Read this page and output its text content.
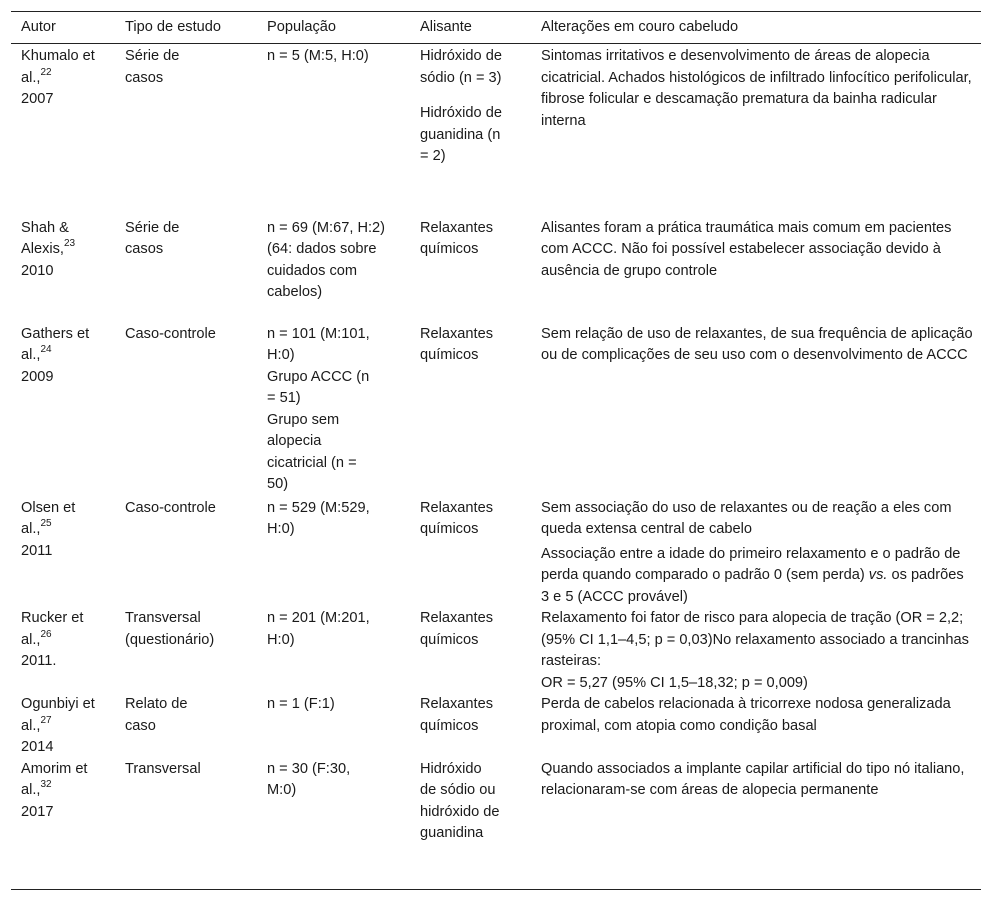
Autor	Tipo de estudo	População	Alisante	Alterações em couro cabeludo
Khumalo et al.,$^{22}$
2007	Série de casos	n = 5 (M:5, H:0)	Hidróxido de sódio (n = 3)
Hidróxido de guanidina (n = 2)	Sintomas irritativos e desenvolvimento de áreas de alopecia cicatricial. Achados histológicos de infiltrado linfocítico perifolicular, fibrose folicular e descamação prematura da bainha radicular interna

Shah & Alexis,$^{23}$
2010	Série de casos	n = 69 (M:67, H:2) (64: dados sobre cuidados com cabelos)	Relaxantes químicos	Alisantes foram a prática traumática mais comum em pacientes com ACCC. Não foi possível estabelecer associação devido à ausência de grupo controle

Gathers et al.,$^{24}$
2009	Caso-controle	n = 101 (M:101, H:0)
Grupo ACCC (n = 51)
Grupo sem alopecia cicatricial (n = 50)	Relaxantes químicos	Sem relação de uso de relaxantes, de sua frequência de aplicação ou de complicações de seu uso com o desenvolvimento de ACCC

Olsen et al.,$^{25}$
2011	Caso-controle	n = 529 (M:529, H:0)	Relaxantes químicos	Sem associação do uso de relaxantes ou de reação a eles com queda extensa central de cabelo
Associação entre a idade do primeiro relaxamento e o padrão de perda quando comparado o padrão 0 (sem perda) vs. os padrões 3 e 5 (ACCC provável)

Rucker et al.,$^{26}$
2011.	Transversal (questionário)	n = 201 (M:201, H:0)	Relaxantes químicos	Relaxamento foi fator de risco para alopecia de tração (OR = 2,2; (95% CI 1,1–4,5; p = 0,03)No relaxamento associado a trancinhas rasteiras:
OR = 5,27 (95% CI 1,5–18,32; p = 0,009)

Ogunbiyi et al.,$^{27}$
2014	Relato de caso	n = 1 (F:1)	Relaxantes químicos	Perda de cabelos relacionada à tricorrexe nodosa generalizada proximal, com atopia como condição basal

Amorim et al.,$^{32}$
2017	Transversal	n = 30 (F:30, M:0)	Hidróxido de sódio ou hidróxido de guanidina	Quando associados a implante capilar artificial do tipo nó italiano, relacionaram-se com áreas de alopecia permanente
